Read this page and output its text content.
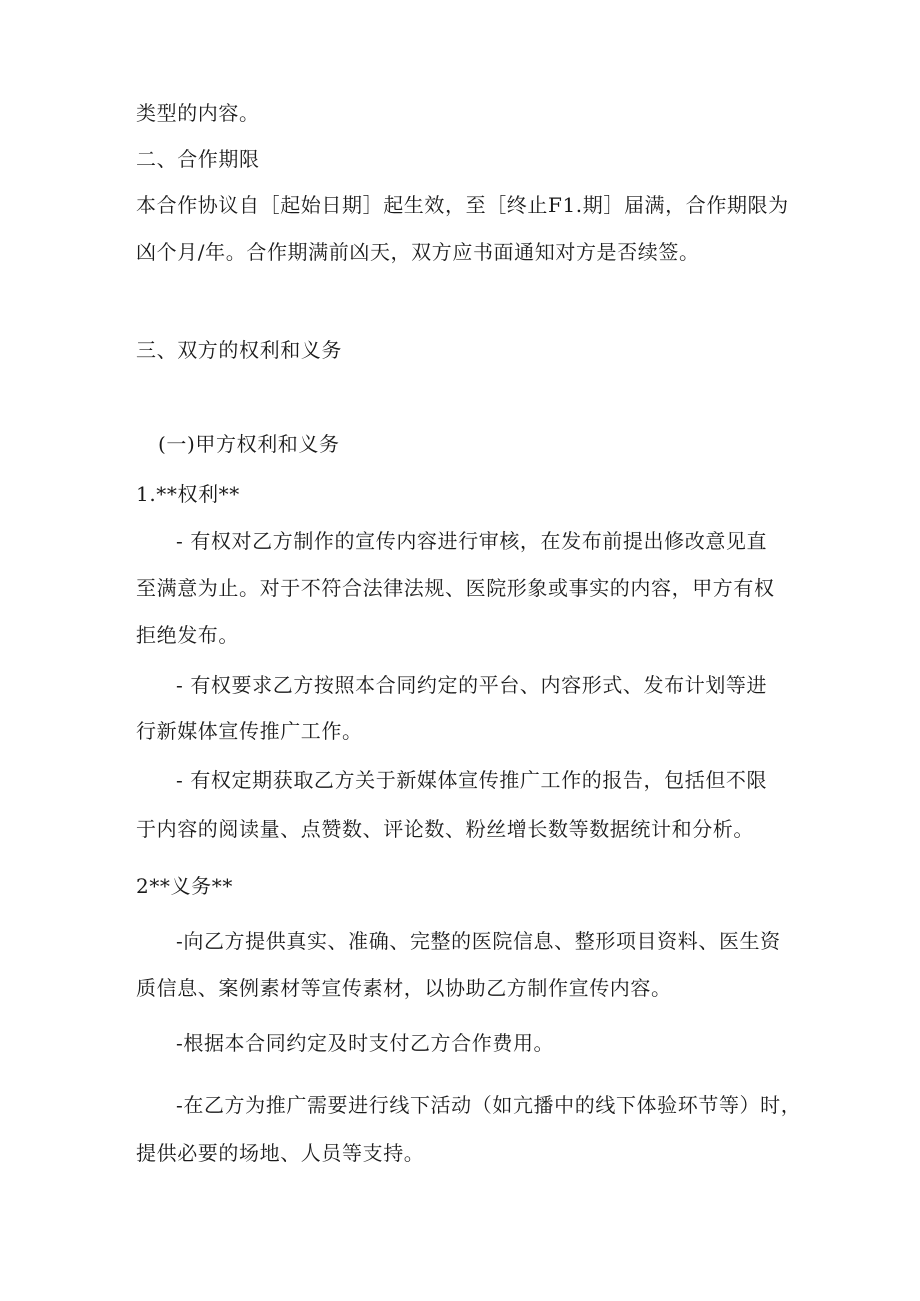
类型的内容。
二、合作期限
本合作协议自［起始日期］起生效，至［终止F1.期］届满，合作期限为
凶个月/年。合作期满前凶天，双方应书面通知对方是否续签。
三、双方的权利和义务
(一)甲方权利和义务
1.**权利**
- 有权对乙方制作的宣传内容进行审核，在发布前提出修改意见直
至满意为止。对于不符合法律法规、医院形象或事实的内容，甲方有权
拒绝发布。
- 有权要求乙方按照本合同约定的平台、内容形式、发布计划等进
行新媒体宣传推广工作。
- 有权定期获取乙方关于新媒体宣传推广工作的报告，包括但不限
于内容的阅读量、点赞数、评论数、粉丝增长数等数据统计和分析。
2**义务**
-向乙方提供真实、准确、完整的医院信息、整形项目资料、医生资
质信息、案例素材等宣传素材，以协助乙方制作宣传内容。
-根据本合同约定及时支付乙方合作费用。
-在乙方为推广需要进行线下活动（如亢播中的线下体验环节等）时，
提供必要的场地、人员等支持。
